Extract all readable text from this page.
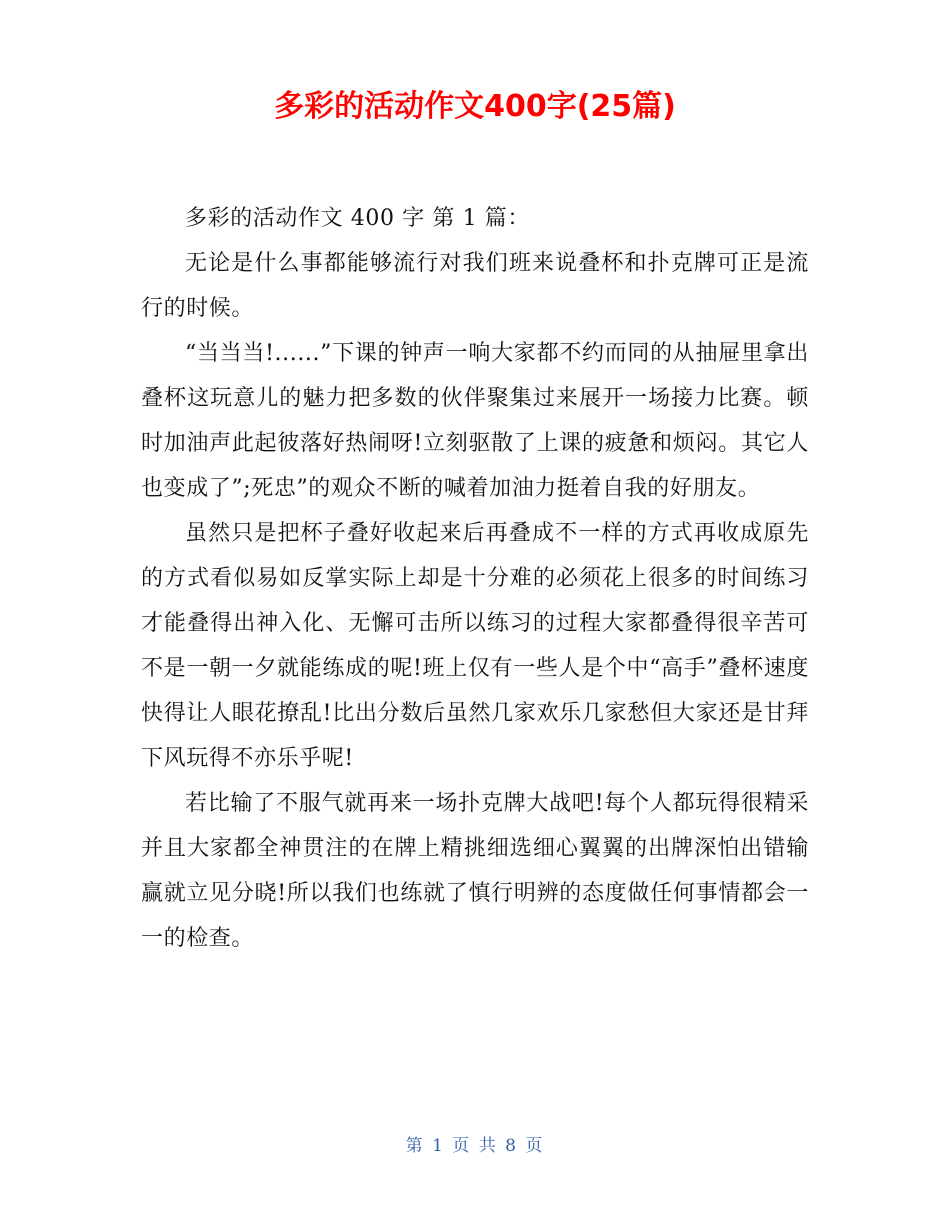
多彩的活动作文400字(25篇)

多彩的活动作文 400 字 第 1 篇：

无论是什么事都能够流行对我们班来说叠杯和扑克牌可正是流行的时候。

“当当当!......”下课的钟声一响大家都不约而同的从抽屉里拿出叠杯这玩意儿的魅力把多数的伙伴聚集过来展开一场接力比赛。顿时加油声此起彼落好热闹呀!立刻驱散了上课的疲惫和烦闷。其它人也变成了”;死忠”的观众不断的喊着加油力挺着自我的好朋友。

虽然只是把杯子叠好收起来后再叠成不一样的方式再收成原先的方式看似易如反掌实际上却是十分难的必须花上很多的时间练习才能叠得出神入化、无懈可击所以练习的过程大家都叠得很辛苦可不是一朝一夕就能练成的呢!班上仅有一些人是个中“高手”叠杯速度快得让人眼花撩乱!比出分数后虽然几家欢乐几家愁但大家还是甘拜下风玩得不亦乐乎呢!

若比输了不服气就再来一场扑克牌大战吧!每个人都玩得很精采并且大家都全神贯注的在牌上精挑细选细心翼翼的出牌深怕出错输赢就立见分晓!所以我们也练就了慎行明辨的态度做任何事情都会一一的检查。

第 1 页 共 8 页
